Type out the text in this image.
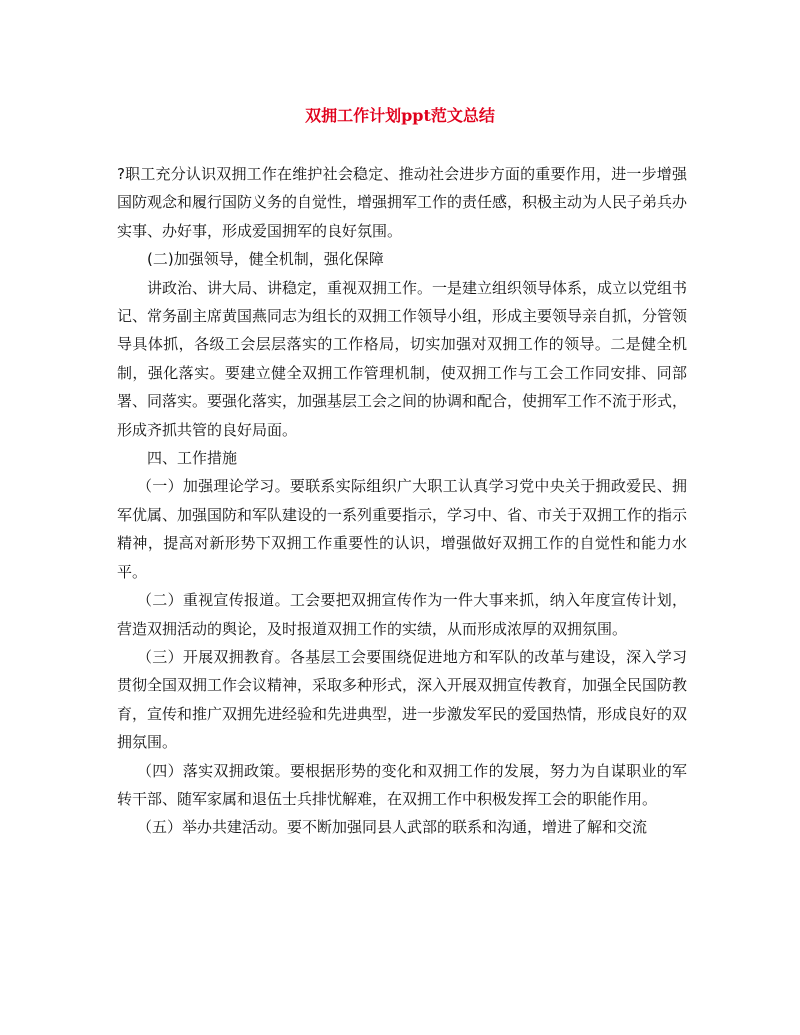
双拥工作计划ppt范文总结

?职工充分认识双拥工作在维护社会稳定、推动社会进步方面的重要作用，进一步增强国防观念和履行国防义务的自觉性，增强拥军工作的责任感，积极主动为人民子弟兵办实事、办好事，形成爱国拥军的良好氛围。

(二)加强领导，健全机制，强化保障

讲政治、讲大局、讲稳定，重视双拥工作。一是建立组织领导体系，成立以党组书记、常务副主席黄国燕同志为组长的双拥工作领导小组，形成主要领导亲自抓，分管领导具体抓，各级工会层层落实的工作格局，切实加强对双拥工作的领导。二是健全机制，强化落实。要建立健全双拥工作管理机制，使双拥工作与工会工作同安排、同部署、同落实。要强化落实，加强基层工会之间的协调和配合，使拥军工作不流于形式，形成齐抓共管的良好局面。

四、工作措施

（一）加强理论学习。要联系实际组织广大职工认真学习党中央关于拥政爱民、拥军优属、加强国防和军队建设的一系列重要指示，学习中、省、市关于双拥工作的指示精神，提高对新形势下双拥工作重要性的认识，增强做好双拥工作的自觉性和能力水平。

（二）重视宣传报道。工会要把双拥宣传作为一件大事来抓，纳入年度宣传计划，营造双拥活动的舆论，及时报道双拥工作的实绩，从而形成浓厚的双拥氛围。

（三）开展双拥教育。各基层工会要围绕促进地方和军队的改革与建设，深入学习贯彻全国双拥工作会议精神，采取多种形式，深入开展双拥宣传教育，加强全民国防教育，宣传和推广双拥先进经验和先进典型，进一步激发军民的爱国热情，形成良好的双拥氛围。

（四）落实双拥政策。要根据形势的变化和双拥工作的发展，努力为自谋职业的军转干部、随军家属和退伍士兵排忧解难，在双拥工作中积极发挥工会的职能作用。

（五）举办共建活动。要不断加强同县人武部的联系和沟通，增进了解和交流
